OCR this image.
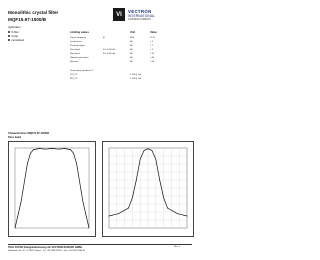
Monolithic crystal filter
MQF15.97-1500/B
VI	VECTRON
INTERNATIONAL
A DOVER COMPANY
Application
IF filter
6 pole
narrowband
Limiting values	Unit	Value
Centre frequency	f0	MHz	15.97
Insertion loss	dB	< 4
Passband ripple	dB	< 1
Pass band	f0 ± 3.00 kHz	dB	< 3
Stop band	f0 ± 9.00 kHz	dB	> 60
Ultimate attenuation	dB	> 80
Spurious	dB	> 60
Terminating impedance Z
R1 || C1	1.5kΩ || 1pF
R2 || C2	1.5kΩ || 1pF
Characteristics MQF15.97-1500/B
Pass band
TELE FILTER Zweigniederlassung der VECTRON EUROPE GMBH
Potsdamer Str. 18 · D-14513 Teltow · Tel. +49 3328 4784-0 · Fax +49 3328 4784-30
Rev. 1
